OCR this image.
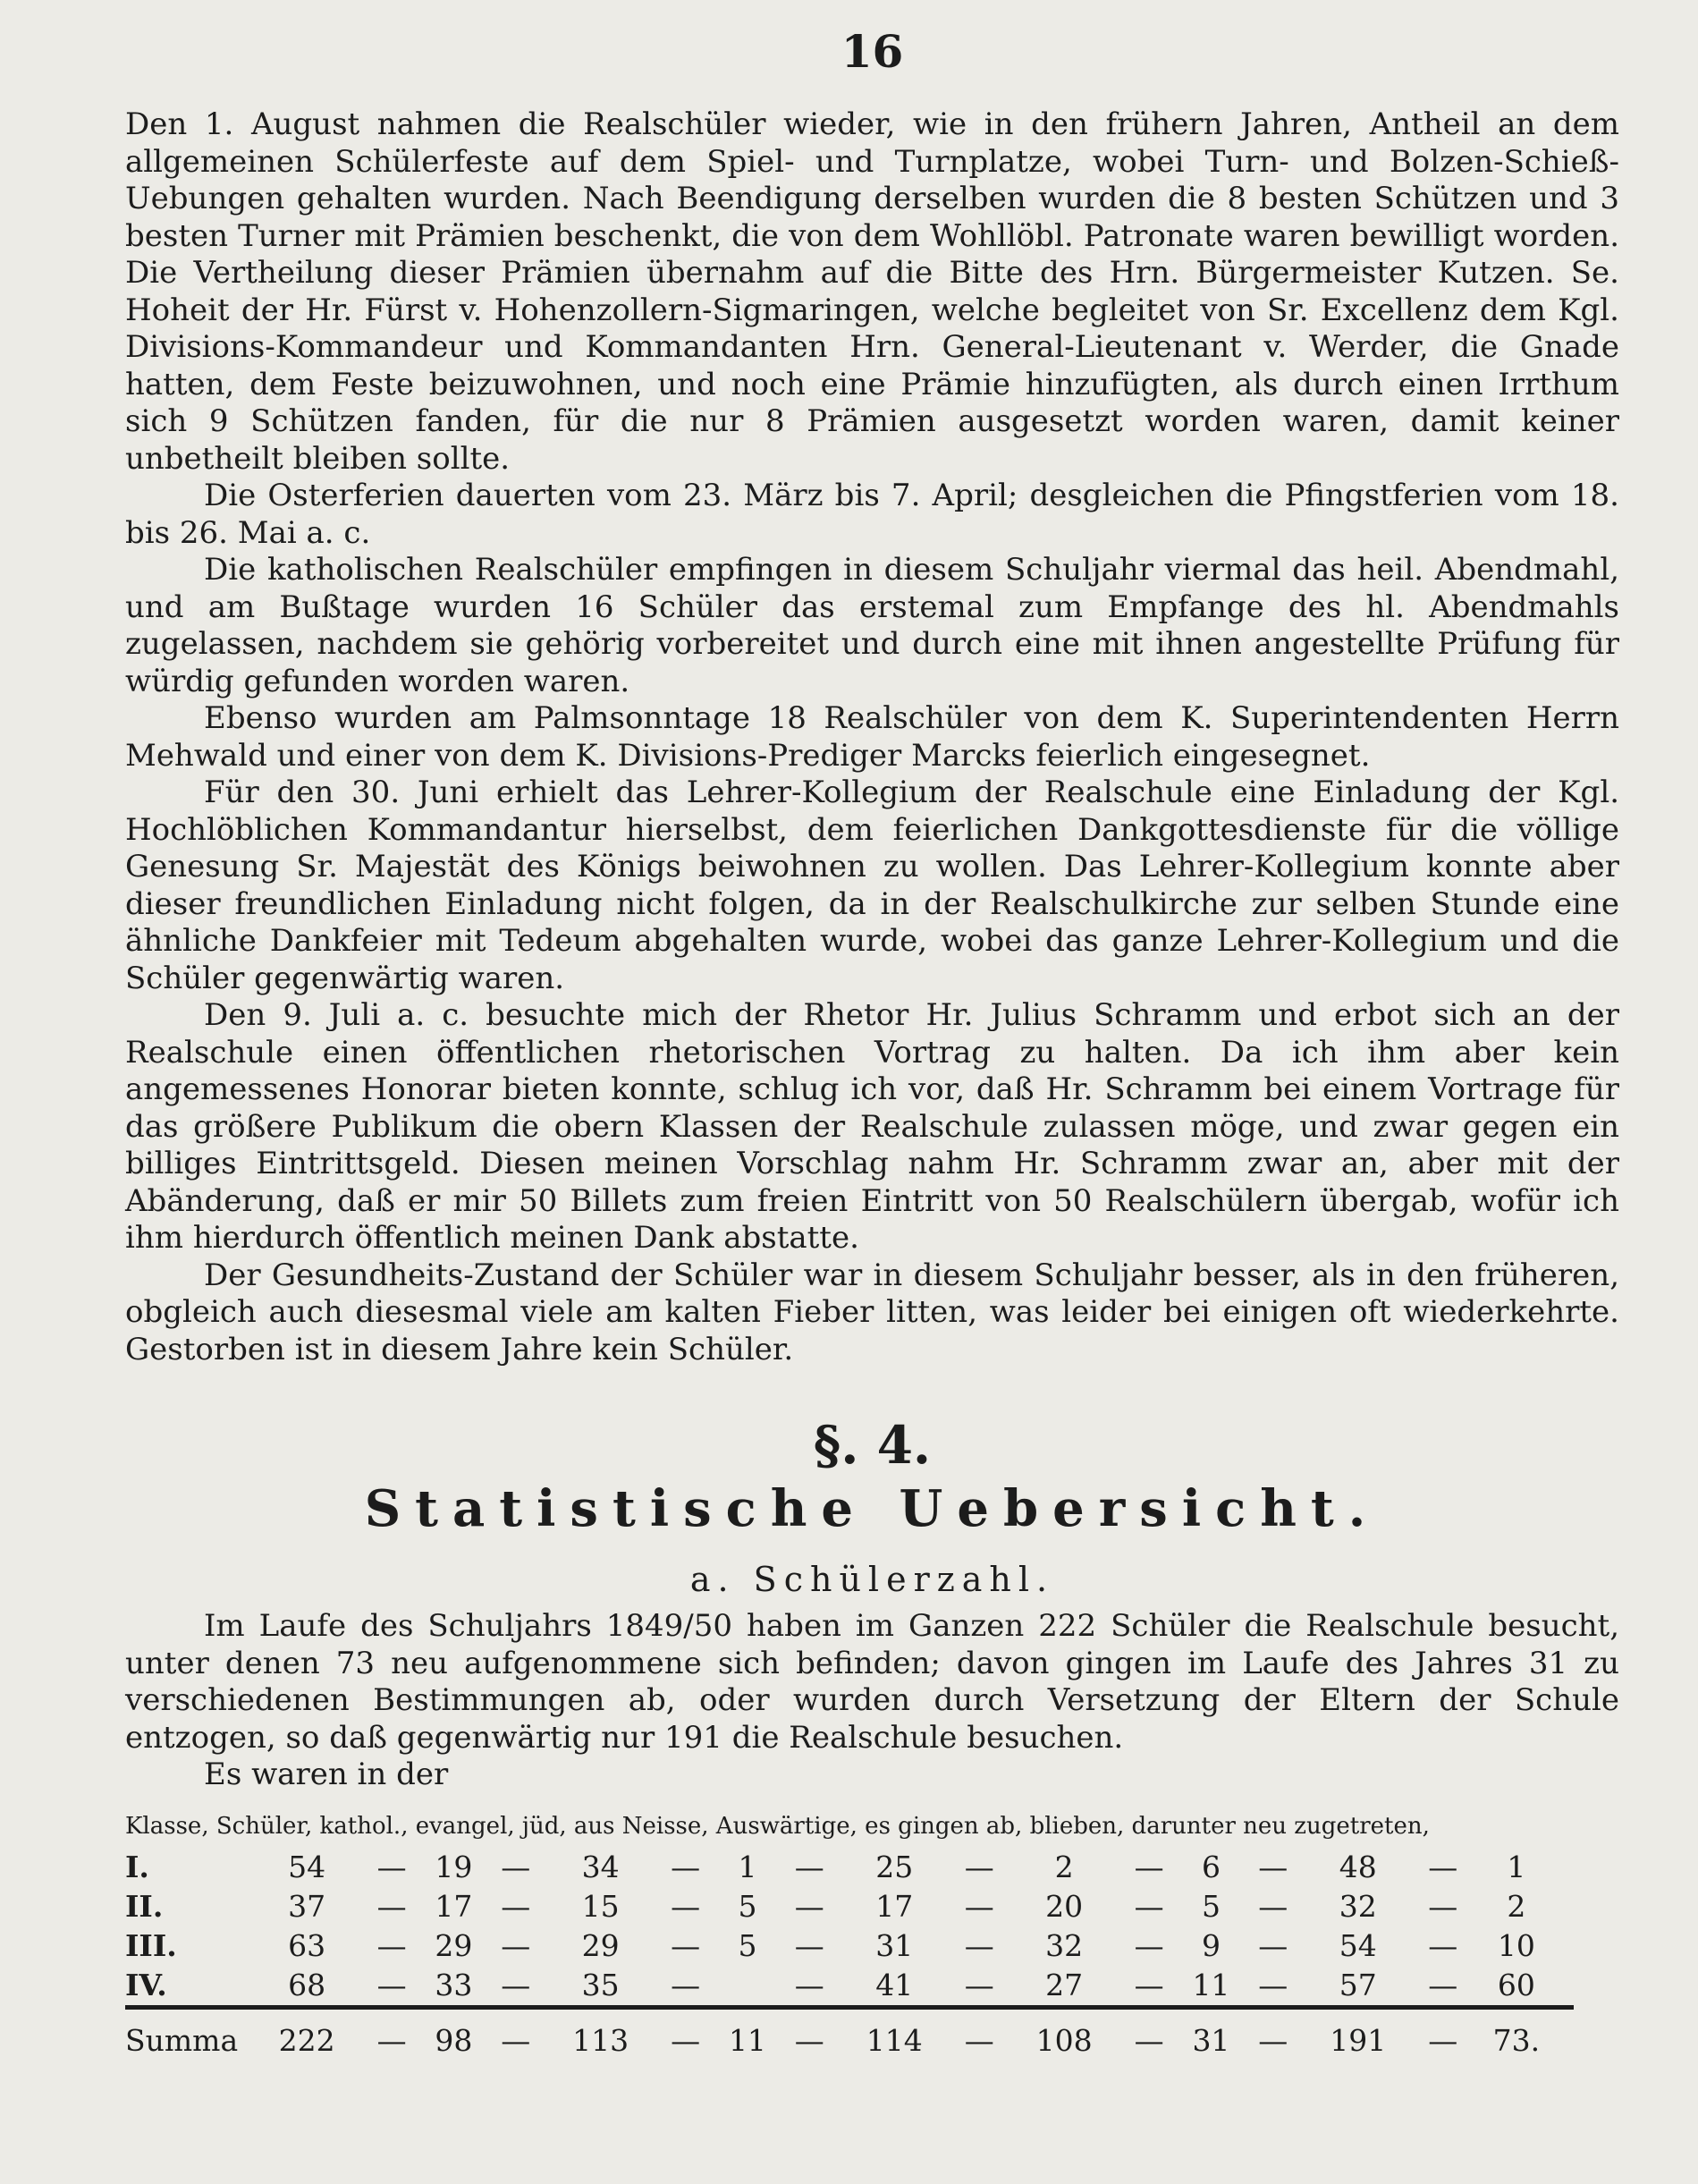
16

Den 1. August nahmen die Realschüler wieder, wie in den frühern Jahren, Antheil an dem allgemeinen Schülerfeste auf dem Spiel- und Turnplatze, wobei Turn- und Bolzen-Schieß-Uebungen gehalten wurden. Nach Beendigung derselben wurden die 8 besten Schützen und 3 besten Turner mit Prämien beschenkt, die von dem Wohllöbl. Patronate waren bewilligt worden. Die Vertheilung dieser Prämien übernahm auf die Bitte des Hrn. Bürgermeister Kutzen. Se. Hoheit der Hr. Fürst v. Hohenzollern-Sigmaringen, welche begleitet von Sr. Excellenz dem Kgl. Divisions-Kommandeur und Kommandanten Hrn. General-Lieutenant v. Werder, die Gnade hatten, dem Feste beizuwohnen, und noch eine Prämie hinzufügten, als durch einen Irrthum sich 9 Schützen fanden, für die nur 8 Prämien ausgesetzt worden waren, damit keiner unbetheilt bleiben sollte.

Die Osterferien dauerten vom 23. März bis 7. April; desgleichen die Pfingstferien vom 18. bis 26. Mai a. c.

Die katholischen Realschüler empfingen in diesem Schuljahr viermal das heil. Abendmahl, und am Bußtage wurden 16 Schüler das erstemal zum Empfange des hl. Abendmahls zugelassen, nachdem sie gehörig vorbereitet und durch eine mit ihnen angestellte Prüfung für würdig gefunden worden waren.

Ebenso wurden am Palmsonntage 18 Realschüler von dem K. Superintendenten Herrn Mehwald und einer von dem K. Divisions-Prediger Marcks feierlich eingesegnet.

Für den 30. Juni erhielt das Lehrer-Kollegium der Realschule eine Einladung der Kgl. Hochlöblichen Kommandantur hierselbst, dem feierlichen Dankgottesdienste für die völlige Genesung Sr. Majestät des Königs beiwohnen zu wollen. Das Lehrer-Kollegium konnte aber dieser freundlichen Einladung nicht folgen, da in der Realschulkirche zur selben Stunde eine ähnliche Dankfeier mit Tedeum abgehalten wurde, wobei das ganze Lehrer-Kollegium und die Schüler gegenwärtig waren.

Den 9. Juli a. c. besuchte mich der Rhetor Hr. Julius Schramm und erbot sich an der Realschule einen öffentlichen rhetorischen Vortrag zu halten. Da ich ihm aber kein angemessenes Honorar bieten konnte, schlug ich vor, daß Hr. Schramm bei einem Vortrage für das größere Publikum die obern Klassen der Realschule zulassen möge, und zwar gegen ein billiges Eintrittsgeld. Diesen meinen Vorschlag nahm Hr. Schramm zwar an, aber mit der Abänderung, daß er mir 50 Billets zum freien Eintritt von 50 Realschülern übergab, wofür ich ihm hierdurch öffentlich meinen Dank abstatte.

Der Gesundheits-Zustand der Schüler war in diesem Schuljahr besser, als in den früheren, obgleich auch diesesmal viele am kalten Fieber litten, was leider bei einigen oft wiederkehrte. Gestorben ist in diesem Jahre kein Schüler.

§. 4.
Statistische Uebersicht.
a. Schülerzahl.

Im Laufe des Schuljahrs 1849/50 haben im Ganzen 222 Schüler die Realschule besucht, unter denen 73 neu aufgenommene sich befinden; davon gingen im Laufe des Jahres 31 zu verschiedenen Bestimmungen ab, oder wurden durch Versetzung der Eltern der Schule entzogen, so daß gegenwärtig nur 191 die Realschule besuchen.

Es waren in der

Klasse, Schüler, kathol., evangel, jüd, aus Neisse, Auswärtige, es gingen ab, blieben, darunter neu zugetreten,
I.	54	—	19	—	34	—	1	—	25	—	2	—	6	—	48	—	1
II.	37	—	17	—	15	—	5	—	17	—	20	—	5	—	32	—	2
III.	63	—	29	—	29	—	5	—	31	—	32	—	9	—	54	—	10
IV.	68	—	33	—	35	—		—	41	—	27	—	11	—	57	—	60
Summa	222	—	98	—	113	—	11	—	114	—	108	—	31	—	191	—	73.
